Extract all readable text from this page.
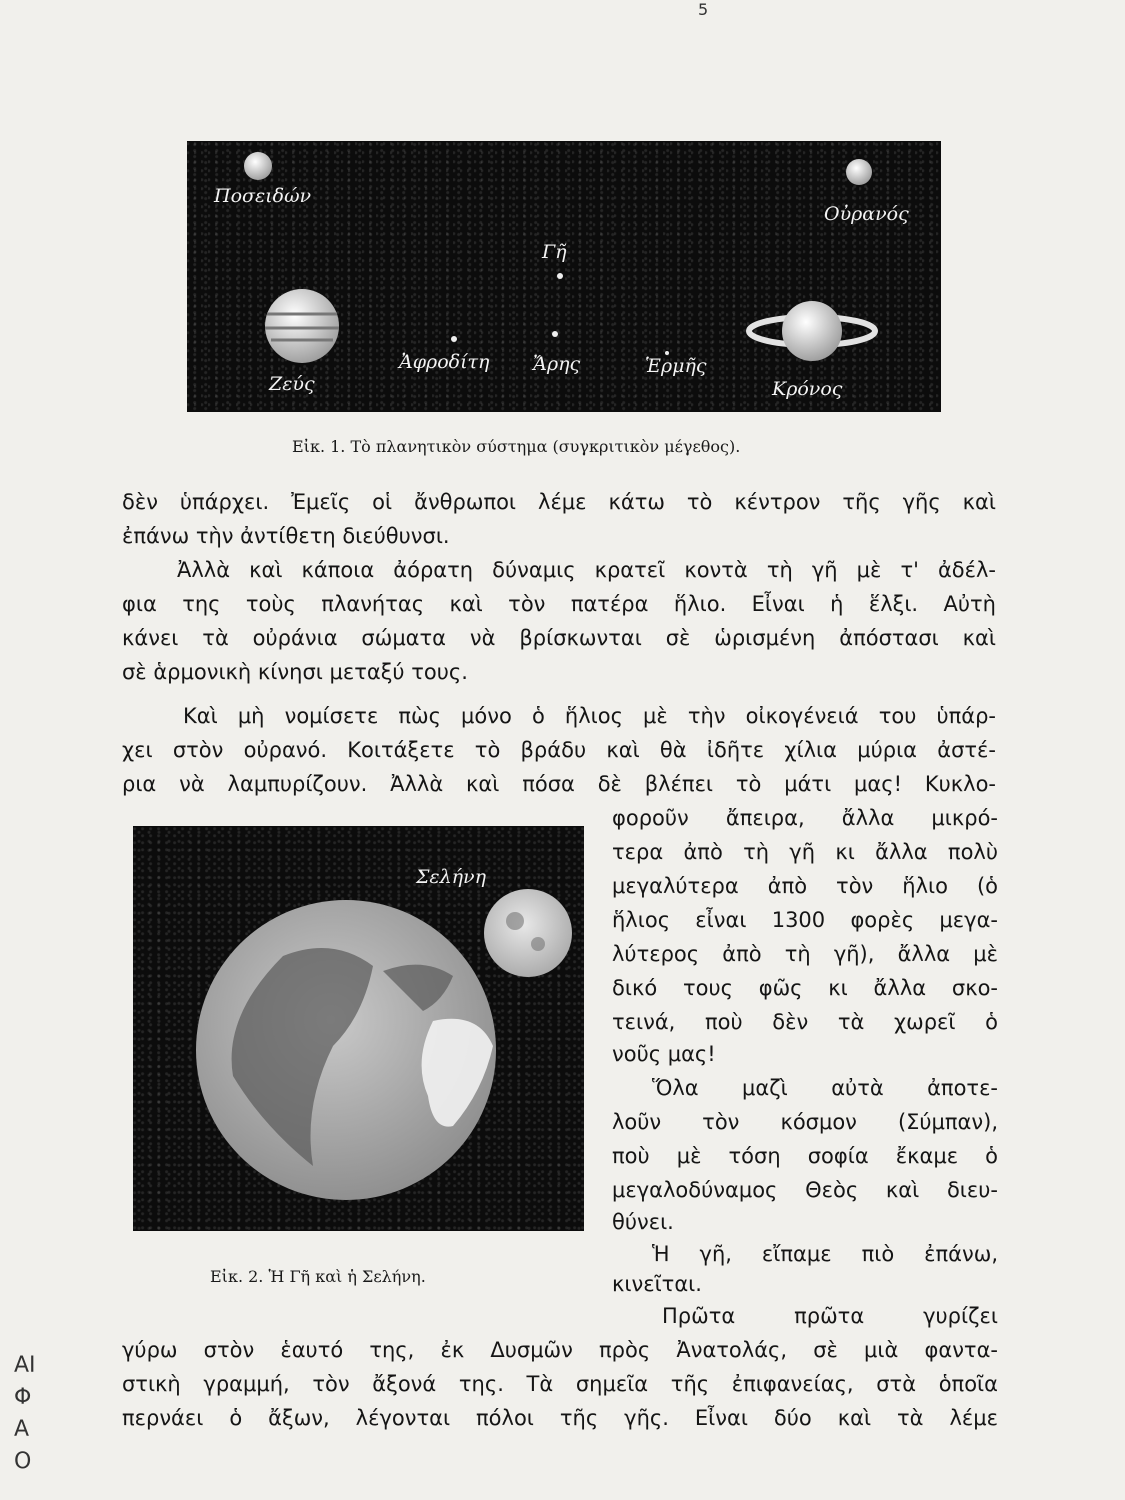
5
Ποσειδών
Οὐρανός
Γῆ
Ζεύς
Ἀφροδίτη Ἄρης	Ἑρμῆς
Κρόνος
Εἰκ. 1. Τὸ πλανητικὸν σύστημα (συγκριτικὸν μέγεθος).
δὲν ὑπάρχει. Ἐμεῖς οἱ ἄνθρωποι λέμε κάτω τὸ κέντρον τῆς γῆς καὶ
ἐπάνω τὴν ἀντίθετη διεύθυνσι.
Ἀλλὰ καὶ κάποια ἀόρατη δύναμις κρατεῖ κοντὰ τὴ γῆ μὲ τ' ἀδέλ-
φια της τοὺς πλανήτας καὶ τὸν πατέρα ἥλιο. Εἶναι ἡ ἕλξι. Αὐτὴ
κάνει τὰ οὐράνια σώματα νὰ βρίσκωνται σὲ ὡρισμένη ἀπόστασι καὶ
σὲ ἁρμονικὴ κίνησι μεταξύ τους.
Καὶ μὴ νομίσετε πὼς μόνο ὁ ἥλιος μὲ τὴν οἰκογένειά του ὑπάρ-
χει στὸν οὐρανό. Κοιτάξετε τὸ βράδυ καὶ θὰ ἰδῆτε χίλια μύρια ἀστέ-
ρια νὰ λαμπυρίζουν. Ἀλλὰ καὶ πόσα δὲ βλέπει τὸ μάτι μας! Κυκλο-
Σελήνη
Εἰκ. 2. Ἡ Γῆ καὶ ἡ Σελήνη.
φοροῦν ἄπειρα, ἄλλα μικρό-
τερα ἀπὸ τὴ γῆ κι ἄλλα πολὺ
μεγαλύτερα ἀπὸ τὸν ἥλιο (ὁ
ἥλιος εἶναι 1300 φορὲς μεγα-
λύτερος ἀπὸ τὴ γῆ), ἄλλα μὲ
δικό τους φῶς κι ἄλλα σκο-
τεινά, ποὺ δὲν τὰ χωρεῖ ὁ
νοῦς μας!
Ὅλα μαζὶ αὐτὰ ἀποτε-
λοῦν τὸν κόσμον (Σύμπαν),
ποὺ μὲ τόση σοφία ἔκαμε ὁ
μεγαλοδύναμος Θεὸς καὶ διευ-
θύνει.
Ἡ γῆ, εἴπαμε πιὸ ἐπάνω,
κινεῖται.
Πρῶτα πρῶτα γυρίζει
γύρω στὸν ἑαυτό της, ἐκ Δυσμῶν πρὸς Ἀνατολάς, σὲ μιὰ φαντα-
στικὴ γραμμή, τὸν ἄξονά της. Τὰ σημεῖα τῆς ἐπιφανείας, στὰ ὁποῖα
περνάει ὁ ἄξων, λέγονται πόλοι τῆς γῆς. Εἶναι δύο καὶ τὰ λέμε
ΑΙΦΑΟ
